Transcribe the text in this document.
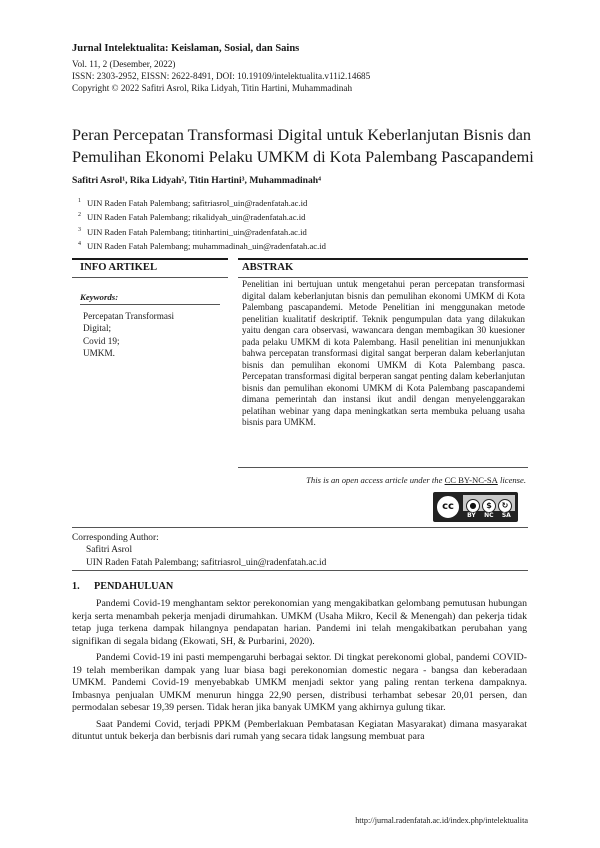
Jurnal Intelektualita: Keislaman, Sosial, dan Sains
Vol. 11, 2 (Desember, 2022)
ISSN: 2303-2952, EISSN: 2622-8491, DOI: 10.19109/intelektualita.v11i2.14685
Copyright © 2022 Safitri Asrol, Rika Lidyah, Titin Hartini, Muhammadinah
Peran Percepatan Transformasi Digital untuk Keberlanjutan Bisnis dan Pemulihan Ekonomi Pelaku UMKM di Kota Palembang Pascapandemi
Safitri Asrol¹, Rika Lidyah², Titin Hartini³, Muhammadinah⁴
$^1$ UIN Raden Fatah Palembang; safitriasrol_uin@radenfatah.ac.id
$^2$ UIN Raden Fatah Palembang; rikalidyah_uin@radenfatah.ac.id
$^3$ UIN Raden Fatah Palembang; titinhartini_uin@radenfatah.ac.id
$^4$ UIN Raden Fatah Palembang; muhammadinah_uin@radenfatah.ac.id
INFO ARTIKEL	ABSTRAK
Keywords:
Percepatan Transformasi
Digital;
Covid 19;
UMKM.
Penelitian ini bertujuan untuk mengetahui peran percepatan transformasi digital dalam keberlanjutan bisnis dan pemulihan ekonomi UMKM di Kota Palembang pascapandemi. Metode Penelitian ini menggunakan metode penelitian kualitatif deskriptif. Teknik pengumpulan data yang dilakukan yaitu dengan cara observasi, wawancara dengan membagikan 30 kuesioner pada pelaku UMKM di kota Palembang. Hasil penelitian ini menunjukkan bahwa percepatan transformasi digital sangat berperan dalam keberlanjutan bisnis dan pemulihan ekonomi UMKM di Kota Palembang pasca. Percepatan transformasi digital berperan sangat penting dalam keberlanjutan bisnis dan pemulihan ekonomi UMKM di Kota Palembang pascapandemi dimana pemerintah dan instansi ikut andil dengan menyelenggarakan pelatihan webinar yang dapa meningkatkan serta membuka peluang usaha bisnis para UMKM.
This is an open access article under the CC BY-NC-SA license.
cc	●	$	↻
BY NC SA
Corresponding Author:
Safitri Asrol
UIN Raden Fatah Palembang; safitriasrol_uin@radenfatah.ac.id
1. PENDAHULUAN

Pandemi Covid-19 menghantam sektor perekonomian yang mengakibatkan gelombang pemutusan hubungan kerja serta menambah pekerja menjadi dirumahkan. UMKM (Usaha Mikro, Kecil & Menengah) dan pekerja tidak tetap juga terkena dampak hilangnya pendapatan harian. Pandemi ini telah mengakibatkan perubahan yang signifikan di segala bidang (Ekowati, SH, & Purbarini, 2020).

Pandemi Covid-19 ini pasti mempengaruhi berbagai sektor. Di tingkat perekonomi global, pandemi COVID-19 telah memberikan dampak yang luar biasa bagi perekonomian domestic negara - bangsa dan keberadaan UMKM. Pandemi Covid-19 menyebabkab UMKM menjadi sektor yang paling rentan terkena dampaknya. Imbasnya penjualan UMKM menurun hingga 22,90 persen, distribusi terhambat sebesar 20,01 persen, dan permodalan sebesar 19,39 persen. Tidak heran jika banyak UMKM yang akhirnya gulung tikar.

Saat Pandemi Covid, terjadi PPKM (Pemberlakuan Pembatasan Kegiatan Masyarakat) dimana masyarakat dituntut untuk bekerja dan berbisnis dari rumah yang secara tidak langsung membuat para

http://jurnal.radenfatah.ac.id/index.php/intelektualita
